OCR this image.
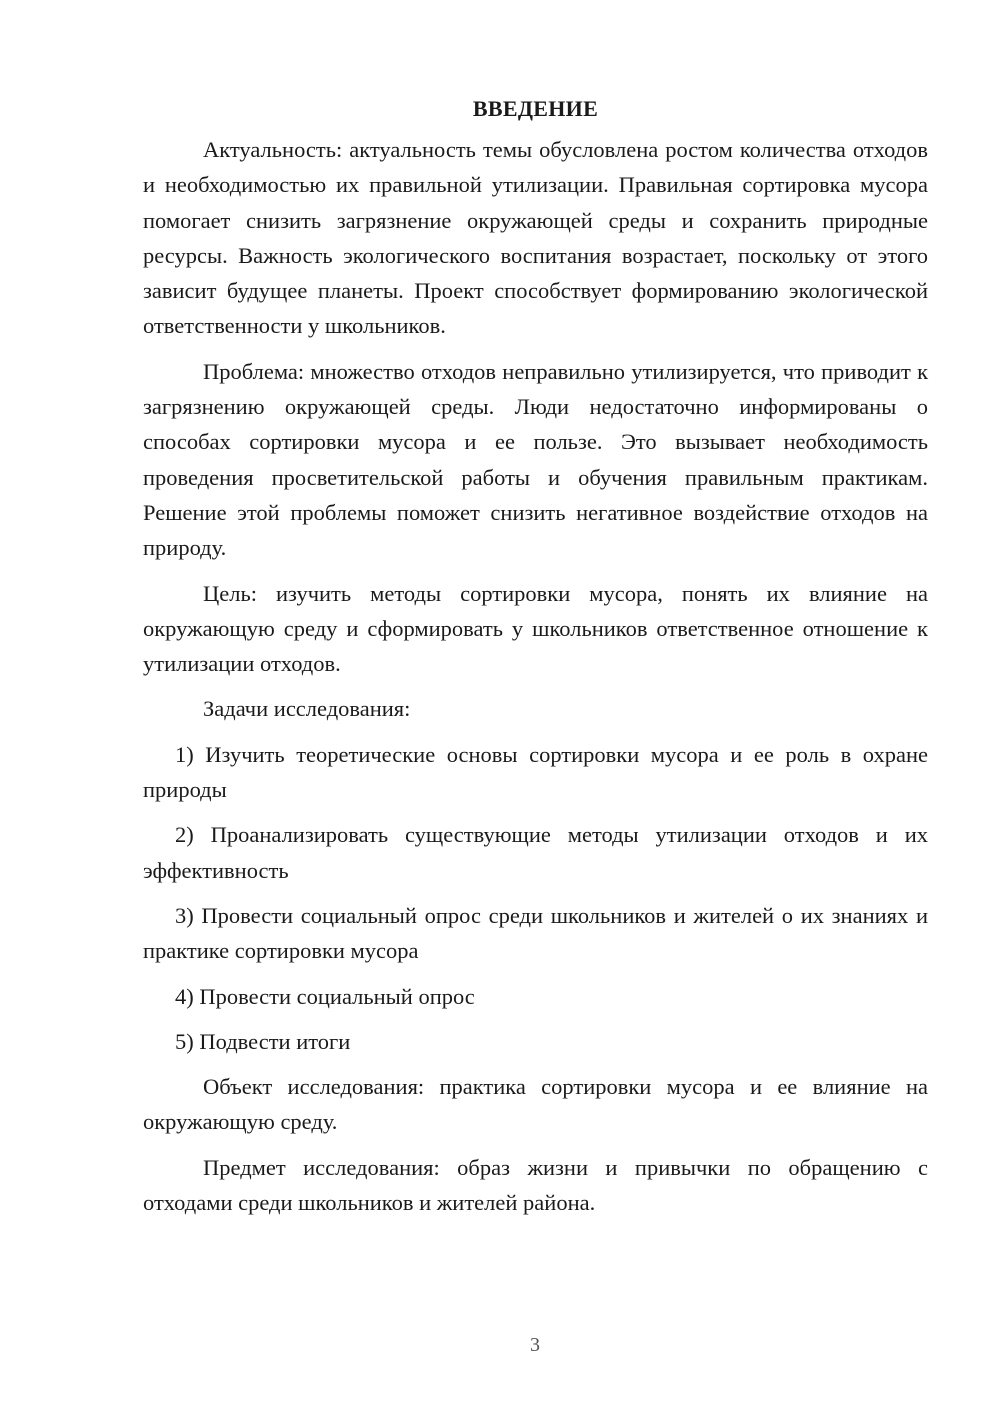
ВВЕДЕНИЕ

Актуальность: актуальность темы обусловлена ростом количества отходов и необходимостью их правильной утилизации. Правильная сортировка мусора помогает снизить загрязнение окружающей среды и сохранить природные ресурсы. Важность экологического воспитания возрастает, поскольку от этого зависит будущее планеты. Проект способствует формированию экологической ответственности у школьников.

Проблема: множество отходов неправильно утилизируется, что приводит к загрязнению окружающей среды. Люди недостаточно информированы о способах сортировки мусора и ее пользе. Это вызывает необходимость проведения просветительской работы и обучения правильным практикам. Решение этой проблемы поможет снизить негативное воздействие отходов на природу.

Цель: изучить методы сортировки мусора, понять их влияние на окружающую среду и сформировать у школьников ответственное отношение к утилизации отходов.

Задачи исследования:

1) Изучить теоретические основы сортировки мусора и ее роль в охране природы

2) Проанализировать существующие методы утилизации отходов и их эффективность

3) Провести социальный опрос среди школьников и жителей о их знаниях и практике сортировки мусора

4) Провести социальный опрос

5) Подвести итоги

Объект исследования: практика сортировки мусора и ее влияние на окружающую среду.

Предмет исследования: образ жизни и привычки по обращению с отходами среди школьников и жителей района.

3
